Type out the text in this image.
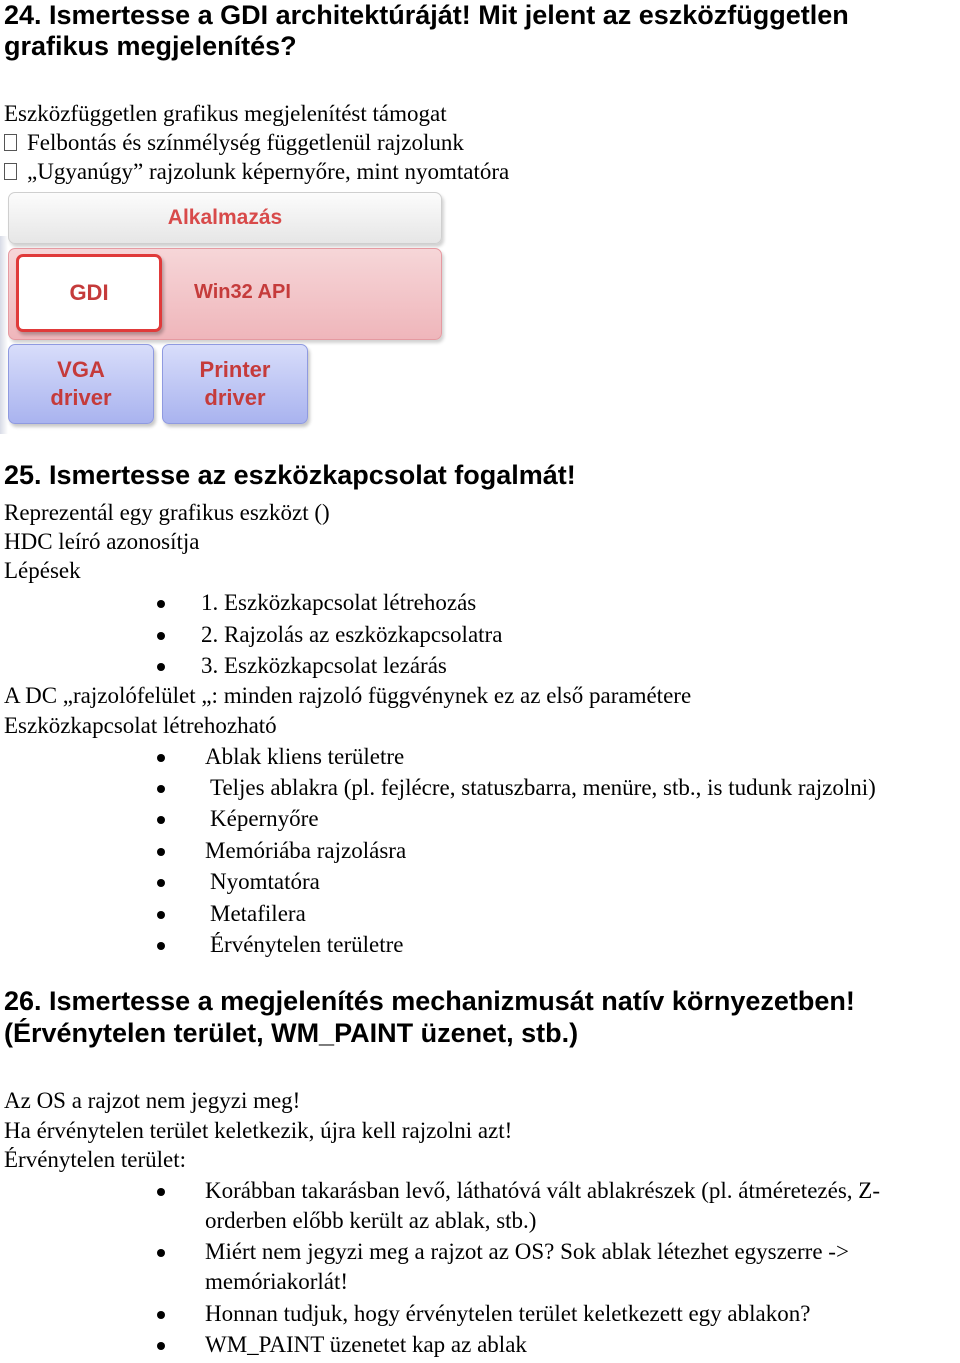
24. Ismertesse a GDI architektúráját! Mit jelent az eszközfüggetlen
grafikus megjelenítés?

Eszközfüggetlen grafikus megjelenítést támogat

Felbontás és színmélység függetlenül rajzolunk

„Ugyanúgy” rajzolunk képernyőre, mint nyomtatóra

Alkalmazás
Win32 API
GDI
VGA
driver
Printer
driver
25. Ismertesse az eszközkapcsolat fogalmát!

Reprezentál egy grafikus eszközt ()

HDC leíró azonosítja

Lépések

1. Eszközkapcsolat létrehozás

2. Rajzolás az eszközkapcsolatra

3. Eszközkapcsolat lezárás

A DC „rajzolófelület „: minden rajzoló függvénynek ez az első paramétere

Eszközkapcsolat létrehozható

Ablak kliens területre

Teljes ablakra (pl. fejlécre, statuszbarra, menüre, stb., is tudunk rajzolni)

Képernyőre

Memóriába rajzolásra

Nyomtatóra

Metafilera

Érvénytelen területre

26. Ismertesse a megjelenítés mechanizmusát natív környezetben!
(Érvénytelen terület, WM_PAINT üzenet, stb.)

Az OS a rajzot nem jegyzi meg!

Ha érvénytelen terület keletkezik, újra kell rajzolni azt!

Érvénytelen terület:

Korábban takarásban levő, láthatóvá vált ablakrészek (pl. átméretezés, Z-

orderben előbb került az ablak, stb.)

Miért nem jegyzi meg a rajzot az OS? Sok ablak létezhet egyszerre ->

memóriakorlát!

Honnan tudjuk, hogy érvénytelen terület keletkezett egy ablakon?

WM_PAINT üzenetet kap az ablak
